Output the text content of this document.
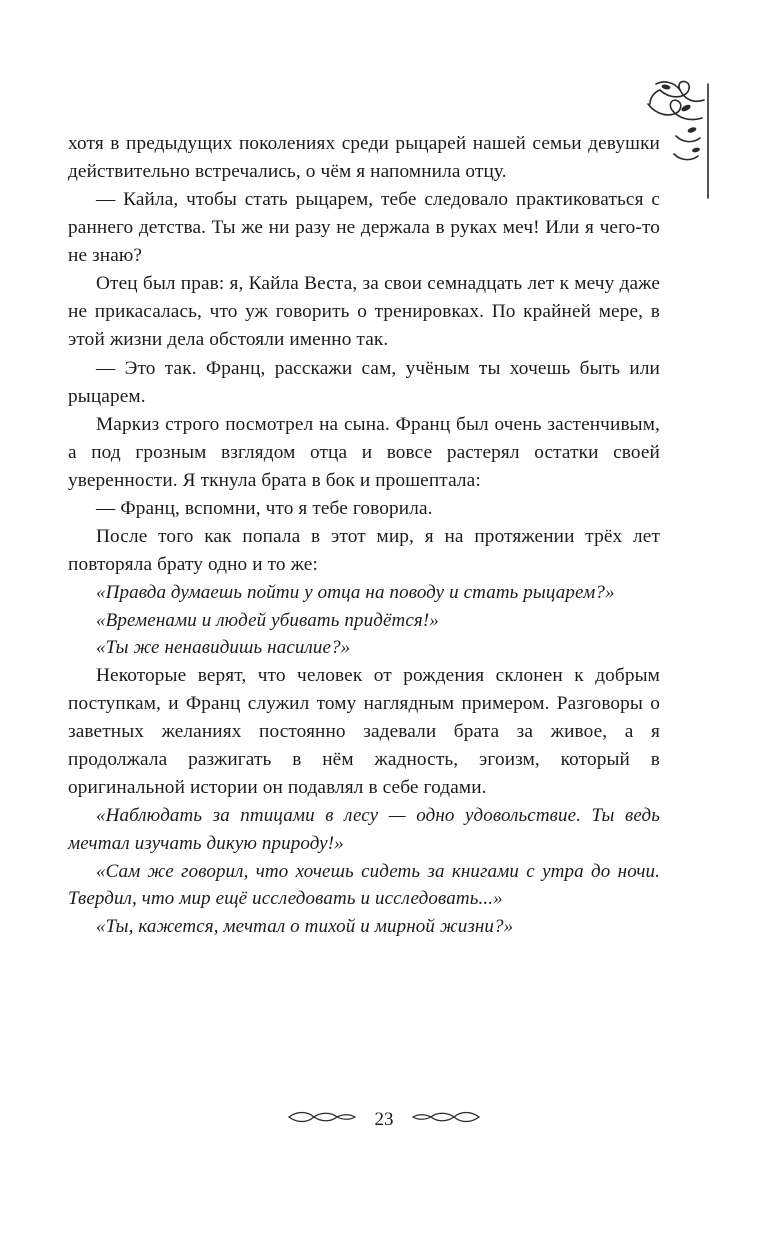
хотя в предыдущих поколениях среди рыцарей нашей семьи девушки действительно встречались, о чём я напомнила отцу.

— Кайла, чтобы стать рыцарем, тебе следовало практиковаться с раннего детства. Ты же ни разу не держала в руках меч! Или я чего-то не знаю?

Отец был прав: я, Кайла Веста, за свои семнадцать лет к мечу даже не прикасалась, что уж говорить о тренировках. По крайней мере, в этой жизни дела обстояли именно так.

— Это так. Франц, расскажи сам, учёным ты хочешь быть или рыцарем.

Маркиз строго посмотрел на сына. Франц был очень застенчивым, а под грозным взглядом отца и вовсе растерял остатки своей уверенности. Я ткнула брата в бок и прошептала:

— Франц, вспомни, что я тебе говорила.

После того как попала в этот мир, я на протяжении трёх лет повторяла брату одно и то же:

«Правда думаешь пойти у отца на поводу и стать рыцарем?»

«Временами и людей убивать придётся!»

«Ты же ненавидишь насилие?»

Некоторые верят, что человек от рождения склонен к добрым поступкам, и Франц служил тому наглядным примером. Разговоры о заветных желаниях постоянно задевали брата за живое, а я продолжала разжигать в нём жадность, эгоизм, который в оригинальной истории он подавлял в себе годами.

«Наблюдать за птицами в лесу — одно удовольствие. Ты ведь мечтал изучать дикую природу!»

«Сам же говорил, что хочешь сидеть за книгами с утра до ночи. Твердил, что мир ещё исследовать и исследовать...»

«Ты, кажется, мечтал о тихой и мирной жизни?»

23
